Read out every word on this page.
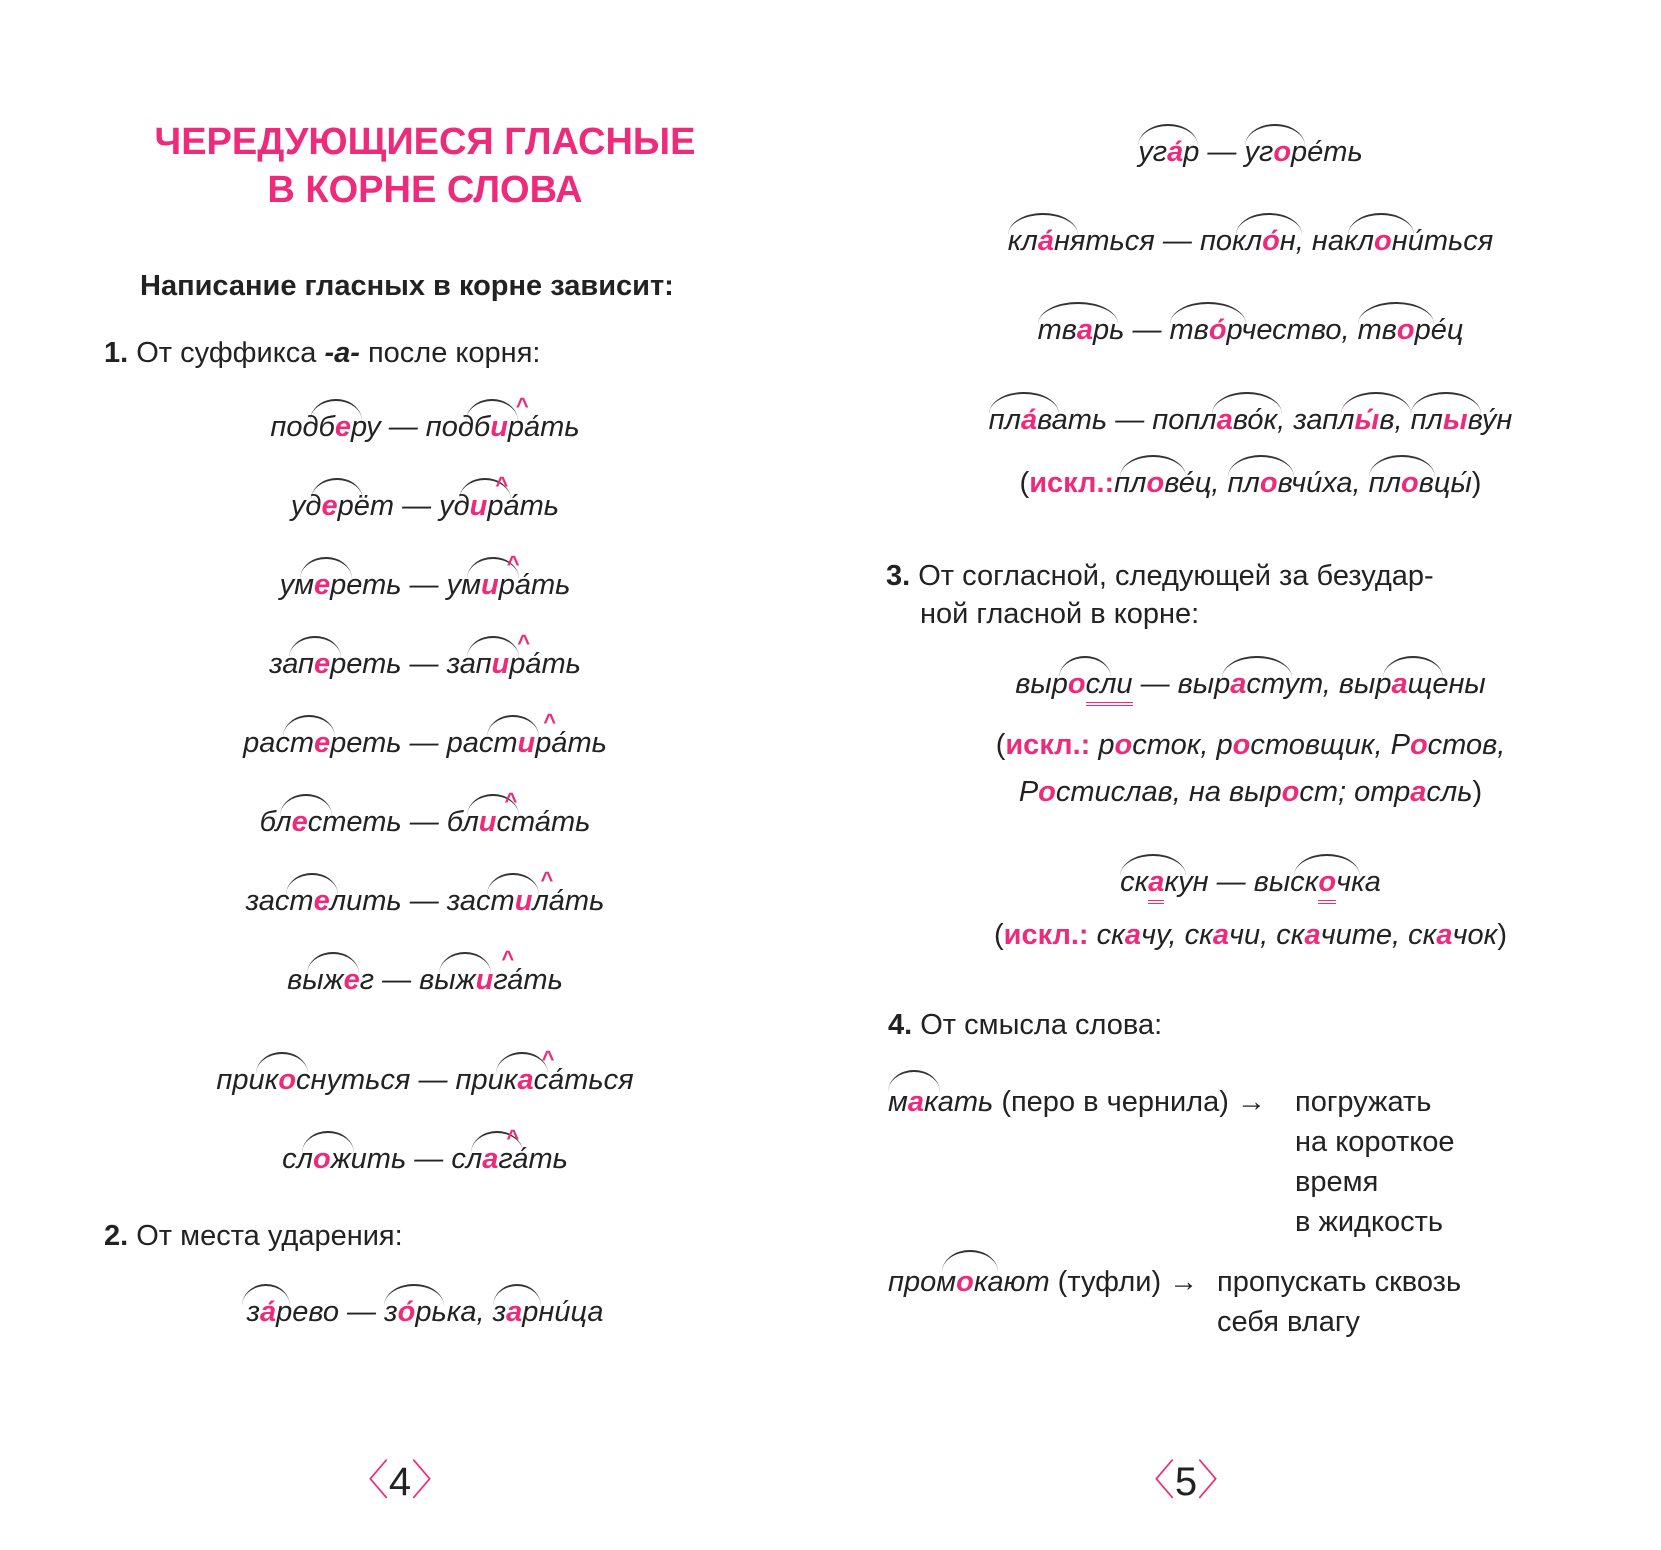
ЧЕРЕДУЮЩИЕСЯ ГЛАСНЫЕ
В КОРНЕ СЛОВА
Написание гласных в корне зависит:
1. От суффикса -а- после корня:
подберу —
подби
^
ра́ть
удерёт —
уди
^
ра́ть
умереть —
уми
^
ра́ть
запереть —
запи
^
ра́ть
растереть —
расти
^
ра́ть
блестеть —
бли
^
ста́ть
застелить —
засти
^
ла́ть
выжег —
выжи
^
га́ть
прикоснуться —
прика
^
са́ться
сложить —
сла
^
га́ть
2. От места ударения:
за́рево —
зо́рька,
зарни́ца
〈4〉
уга́р —
угоре́ть
кла́няться —
покло́н,
наклони́ться
тварь —
тво́рчество,
творе́ц
пла́вать —
поплаво́к,
заплы́в,
плыву́н
(искл.:
плове́ц,
пловчи́ха,
пловцы́)
3. От согласной, следующей за безудар-
ной гласной в корне:
выросли —
вырастут,
выращены
(искл.: росток, ростовщик, Ростов,
Ростислав, на вырост; отрасль)
скакун —
выскочка
(искл.: скачу, скачи, скачите, скачок)
4. От смысла слова:
макать (перо в чернила) → погружать
на короткое
время
в жидкость
промокают (туфли) → пропускать сквозь
себя влагу
〈5〉
